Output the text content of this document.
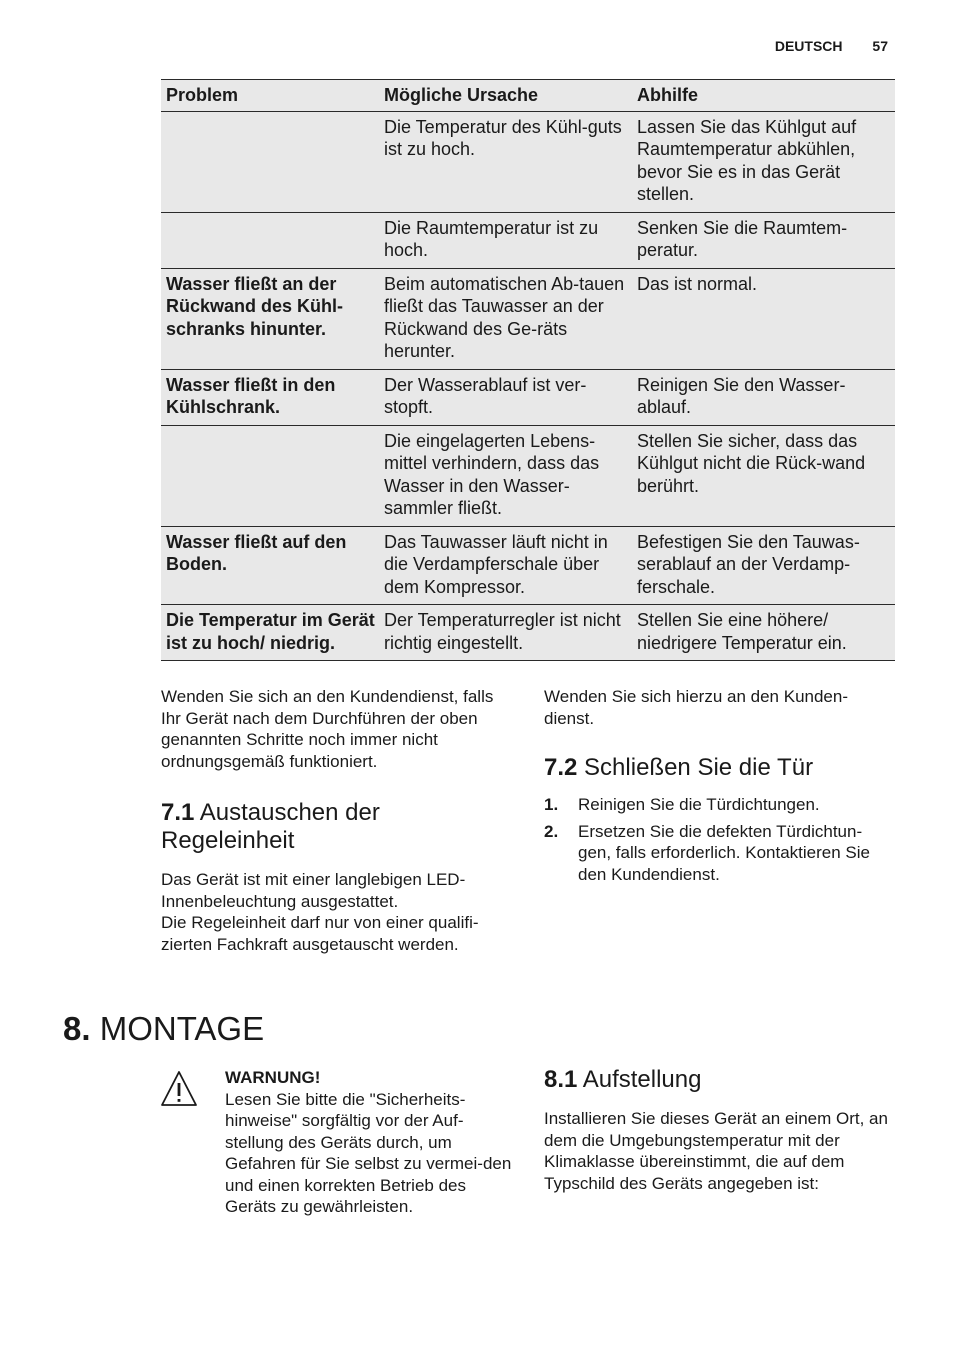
DEUTSCH 57
Problem	Mögliche Ursache	Abhilfe
	Die Temperatur des Kühl-guts ist zu hoch.	Lassen Sie das Kühlgut auf Raumtemperatur abkühlen, bevor Sie es in das Gerät stellen.
	Die Raumtemperatur ist zu hoch.	Senken Sie die Raumtem-peratur.
Wasser fließt an der Rückwand des Kühl-schranks hinunter.	Beim automatischen Ab-tauen fließt das Tauwasser an der Rückwand des Ge-räts herunter.	Das ist normal.
Wasser fließt in den Kühlschrank.	Der Wasserablauf ist ver-stopft.	Reinigen Sie den Wasser-ablauf.
	Die eingelagerten Lebens-mittel verhindern, dass das Wasser in den Wasser-sammler fließt.	Stellen Sie sicher, dass das Kühlgut nicht die Rück-wand berührt.
Wasser fließt auf den Boden.	Das Tauwasser läuft nicht in die Verdampferschale über dem Kompressor.	Befestigen Sie den Tauwas-serablauf an der Verdamp-ferschale.
Die Temperatur im Gerät ist zu hoch/ niedrig.	Der Temperaturregler ist nicht richtig eingestellt.	Stellen Sie eine höhere/ niedrigere Temperatur ein.

Wenden Sie sich an den Kundendienst, falls Ihr Gerät nach dem Durchführen der oben genannten Schritte noch immer nicht ordnungsgemäß funktioniert.

7.1 Austauschen der Regeleinheit

Das Gerät ist mit einer langlebigen LED-Innenbeleuchtung ausgestattet.

Die Regeleinheit darf nur von einer qualifi-zierten Fachkraft ausgetauscht werden.

Wenden Sie sich hierzu an den Kunden-dienst.

7.2 Schließen Sie die Tür
1.	Reinigen Sie die Türdichtungen.
2.	Ersetzen Sie die defekten Türdichtun-gen, falls erforderlich. Kontaktieren Sie den Kundendienst.
8. MONTAGE
WARNUNG!

Lesen Sie bitte die "Sicherheits-hinweise" sorgfältig vor der Auf-stellung des Geräts durch, um Gefahren für Sie selbst zu vermei-den und einen korrekten Betrieb des Geräts zu gewährleisten.

8.1 Aufstellung

Installieren Sie dieses Gerät an einem Ort, an dem die Umgebungstemperatur mit der Klimaklasse übereinstimmt, die auf dem Typschild des Geräts angegeben ist:
